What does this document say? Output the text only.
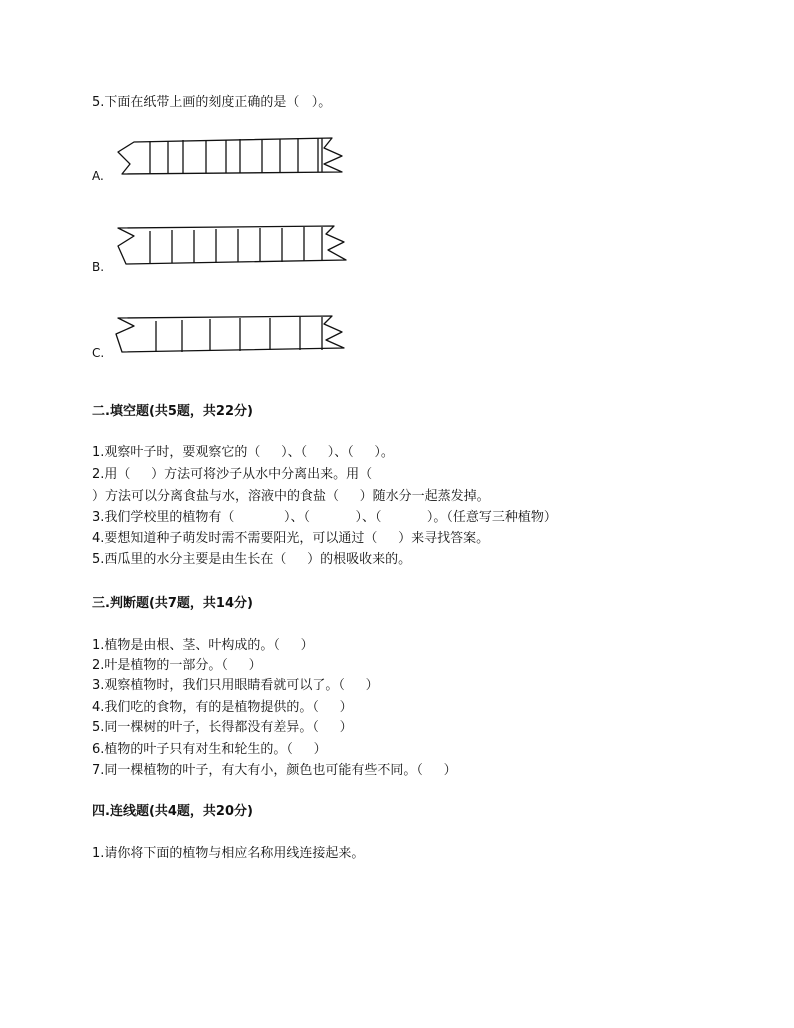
5.下面在纸带上画的刻度正确的是（   ）。
A.
B.
C.
二.填空题(共5题，共22分)
1.观察叶子时，要观察它的（     ）、（     ）、（     ）。
2.用（     ）方法可将沙子从水中分离出来。用（
）方法可以分离食盐与水，溶液中的食盐（     ）随水分一起蒸发掉。
3.我们学校里的植物有（            ）、（           ）、（           ）。（任意写三种植物）
4.要想知道种子萌发时需不需要阳光，可以通过（     ）来寻找答案。
5.西瓜里的水分主要是由生长在（     ）的根吸收来的。
三.判断题(共7题，共14分)
1.植物是由根、茎、叶构成的。（     ）
2.叶是植物的一部分。（     ）
3.观察植物时，我们只用眼睛看就可以了。（     ）
4.我们吃的食物，有的是植物提供的。（     ）
5.同一棵树的叶子，长得都没有差异。（     ）
6.植物的叶子只有对生和轮生的。（     ）
7.同一棵植物的叶子，有大有小，颜色也可能有些不同。（     ）
四.连线题(共4题，共20分)
1.请你将下面的植物与相应名称用线连接起来。
